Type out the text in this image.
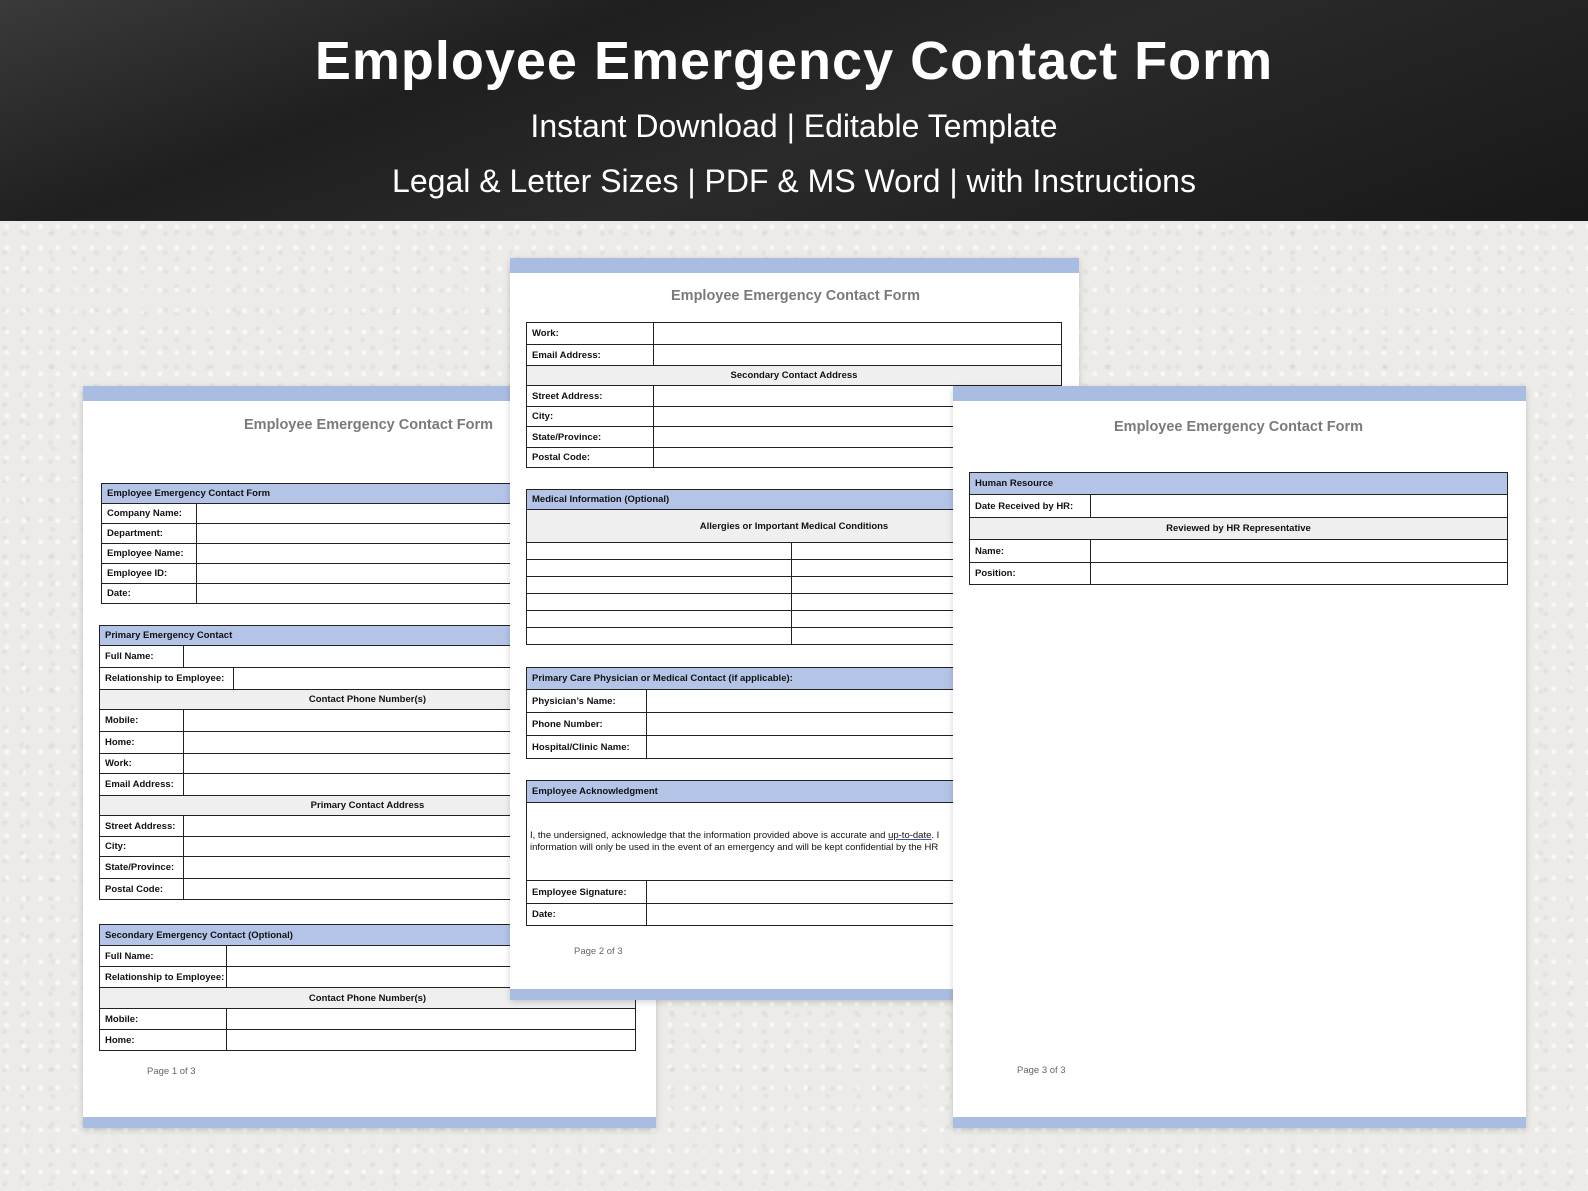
Employee Emergency Contact Form
Instant Download | Editable Template
Legal & Letter Sizes | PDF & MS Word | with Instructions
Employee Emergency Contact Form
Employee Emergency Contact Form	
Company Name:	
Department:	
Employee Name:	
Employee ID:	
Date:	
Primary Emergency Contact		
Full Name:		
Relationship to Employee:		
Contact Phone Number(s)		
Mobile:		
Home:		
Work:		
Email Address:		
Primary Contact Address		
Street Address:		
City:		
State/Province:		
Postal Code:		
Secondary Emergency Contact (Optional)	
Full Name:	
Relationship to Employee:	
Contact Phone Number(s)	
Mobile:	
Home:	
Page 1 of 3
Employee Emergency Contact Form
Work:	
Email Address:	
Secondary Contact Address	
Street Address:	
City:	
State/Province:	
Postal Code:	
Medical Information (Optional)	
Allergies or Important Medical Conditions	

Primary Care Physician or Medical Contact (if applicable):	
Physician’s Name:	
Phone Number:	
Hospital/Clinic Name:	
Employee Acknowledgment	

Employee Signature:	
Date:	
I, the undersigned, acknowledge that the information provided above is accurate and up-to-date. I
information will only be used in the event of an emergency and will be kept confidential by the HR
Page 2 of 3
Employee Emergency Contact Form
Human Resource	
Date Received by HR:	
Reviewed by HR Representative	
Name:	
Position:	
Page 3 of 3
